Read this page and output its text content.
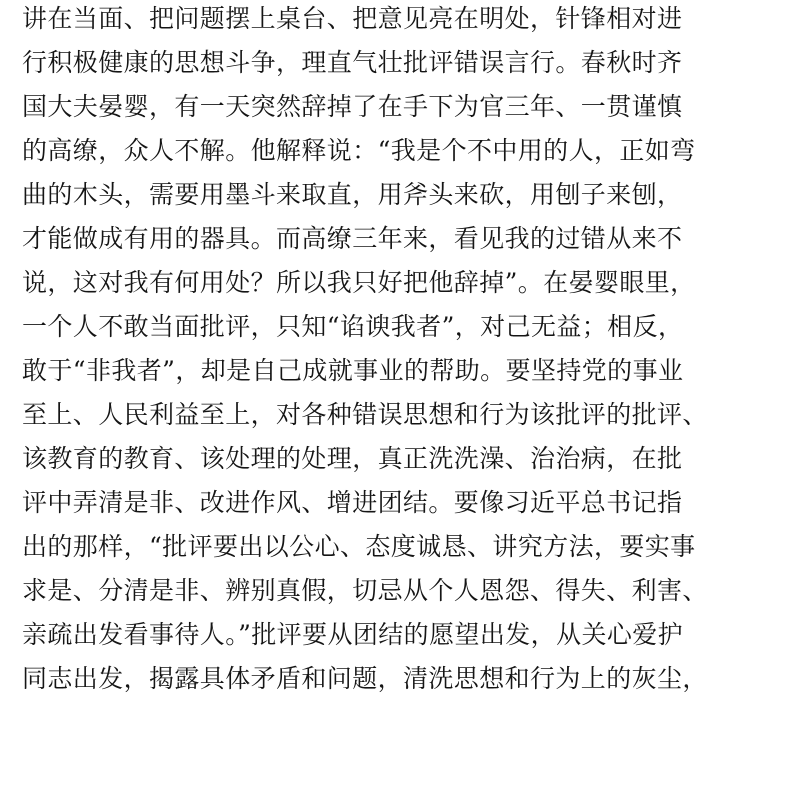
讲在当面、把问题摆上桌台、把意见亮在明处，针锋相对进
行积极健康的思想斗争，理直气壮批评错误言行。春秋时齐
国大夫晏婴，有一天突然辞掉了在手下为官三年、一贯谨慎
的高缭，众人不解。他解释说：“我是个不中用的人，正如弯
曲的木头，需要用墨斗来取直，用斧头来砍，用刨子来刨，
才能做成有用的器具。而高缭三年来，看见我的过错从来不
说，这对我有何用处？所以我只好把他辞掉”。在晏婴眼里，
一个人不敢当面批评，只知“谄谀我者”，对己无益；相反，
敢于“非我者”，却是自己成就事业的帮助。要坚持党的事业
至上、人民利益至上，对各种错误思想和行为该批评的批评、
该教育的教育、该处理的处理，真正洗洗澡、治治病，在批
评中弄清是非、改进作风、增进团结。要像习近平总书记指
出的那样，“批评要出以公心、态度诚恳、讲究方法，要实事
求是、分清是非、辨别真假，切忌从个人恩怨、得失、利害、
亲疏出发看事待人。”批评要从团结的愿望出发，从关心爱护
同志出发，揭露具体矛盾和问题，清洗思想和行为上的灰尘，
